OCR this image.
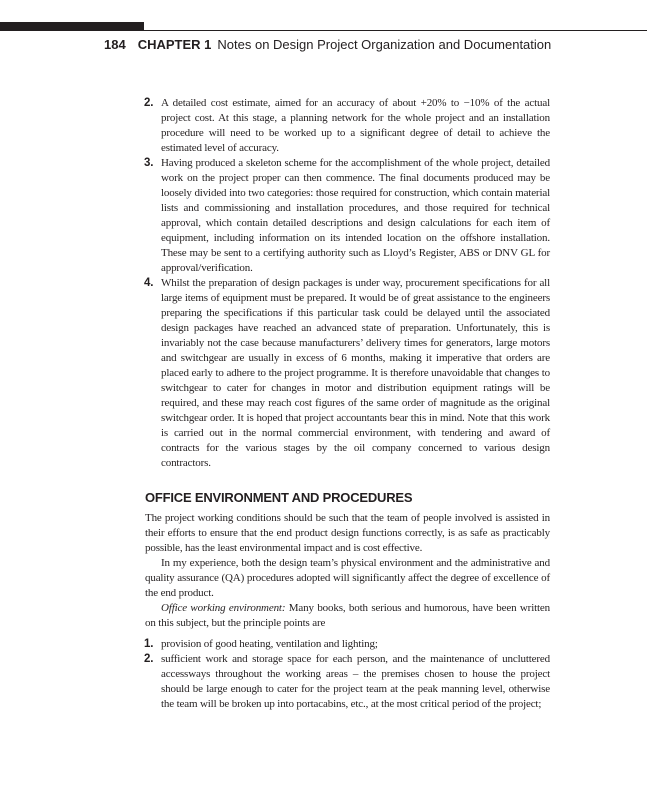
184 CHAPTER 1 Notes on Design Project Organization and Documentation
2. A detailed cost estimate, aimed for an accuracy of about +20% to −10% of the actual project cost. At this stage, a planning network for the whole project and an installation procedure will need to be worked up to a significant degree of detail to achieve the estimated level of accuracy.
3. Having produced a skeleton scheme for the accomplishment of the whole project, detailed work on the project proper can then commence. The final documents produced may be loosely divided into two categories: those required for construction, which contain material lists and commissioning and installation procedures, and those required for technical approval, which contain detailed descriptions and design calculations for each item of equipment, including information on its intended location on the offshore installation. These may be sent to a certifying authority such as Lloyd’s Register, ABS or DNV GL for approval/verification.
4. Whilst the preparation of design packages is under way, procurement specifications for all large items of equipment must be prepared. It would be of great assistance to the engineers preparing the specifications if this particular task could be delayed until the associated design packages have reached an advanced state of preparation. Unfortunately, this is invariably not the case because manufacturers’ delivery times for generators, large motors and switchgear are usually in excess of 6 months, making it imperative that orders are placed early to adhere to the project programme. It is therefore unavoidable that changes to switchgear to cater for changes in motor and distribution equipment ratings will be required, and these may reach cost figures of the same order of magnitude as the original switchgear order. It is hoped that project accountants bear this in mind. Note that this work is carried out in the normal commercial environment, with tendering and award of contracts for the various stages by the oil company concerned to various design contractors.
OFFICE ENVIRONMENT AND PROCEDURES

The project working conditions should be such that the team of people involved is assisted in their efforts to ensure that the end product design functions correctly, is as safe as practicably possible, has the least environmental impact and is cost effective.

In my experience, both the design team’s physical environment and the administrative and quality assurance (QA) procedures adopted will significantly affect the degree of excellence of the end product.

Office working environment: Many books, both serious and humorous, have been written on this subject, but the principle points are

1. provision of good heating, ventilation and lighting;
2. sufficient work and storage space for each person, and the maintenance of uncluttered accessways throughout the working areas – the premises chosen to house the project should be large enough to cater for the project team at the peak manning level, otherwise the team will be broken up into portacabins, etc., at the most critical period of the project;
